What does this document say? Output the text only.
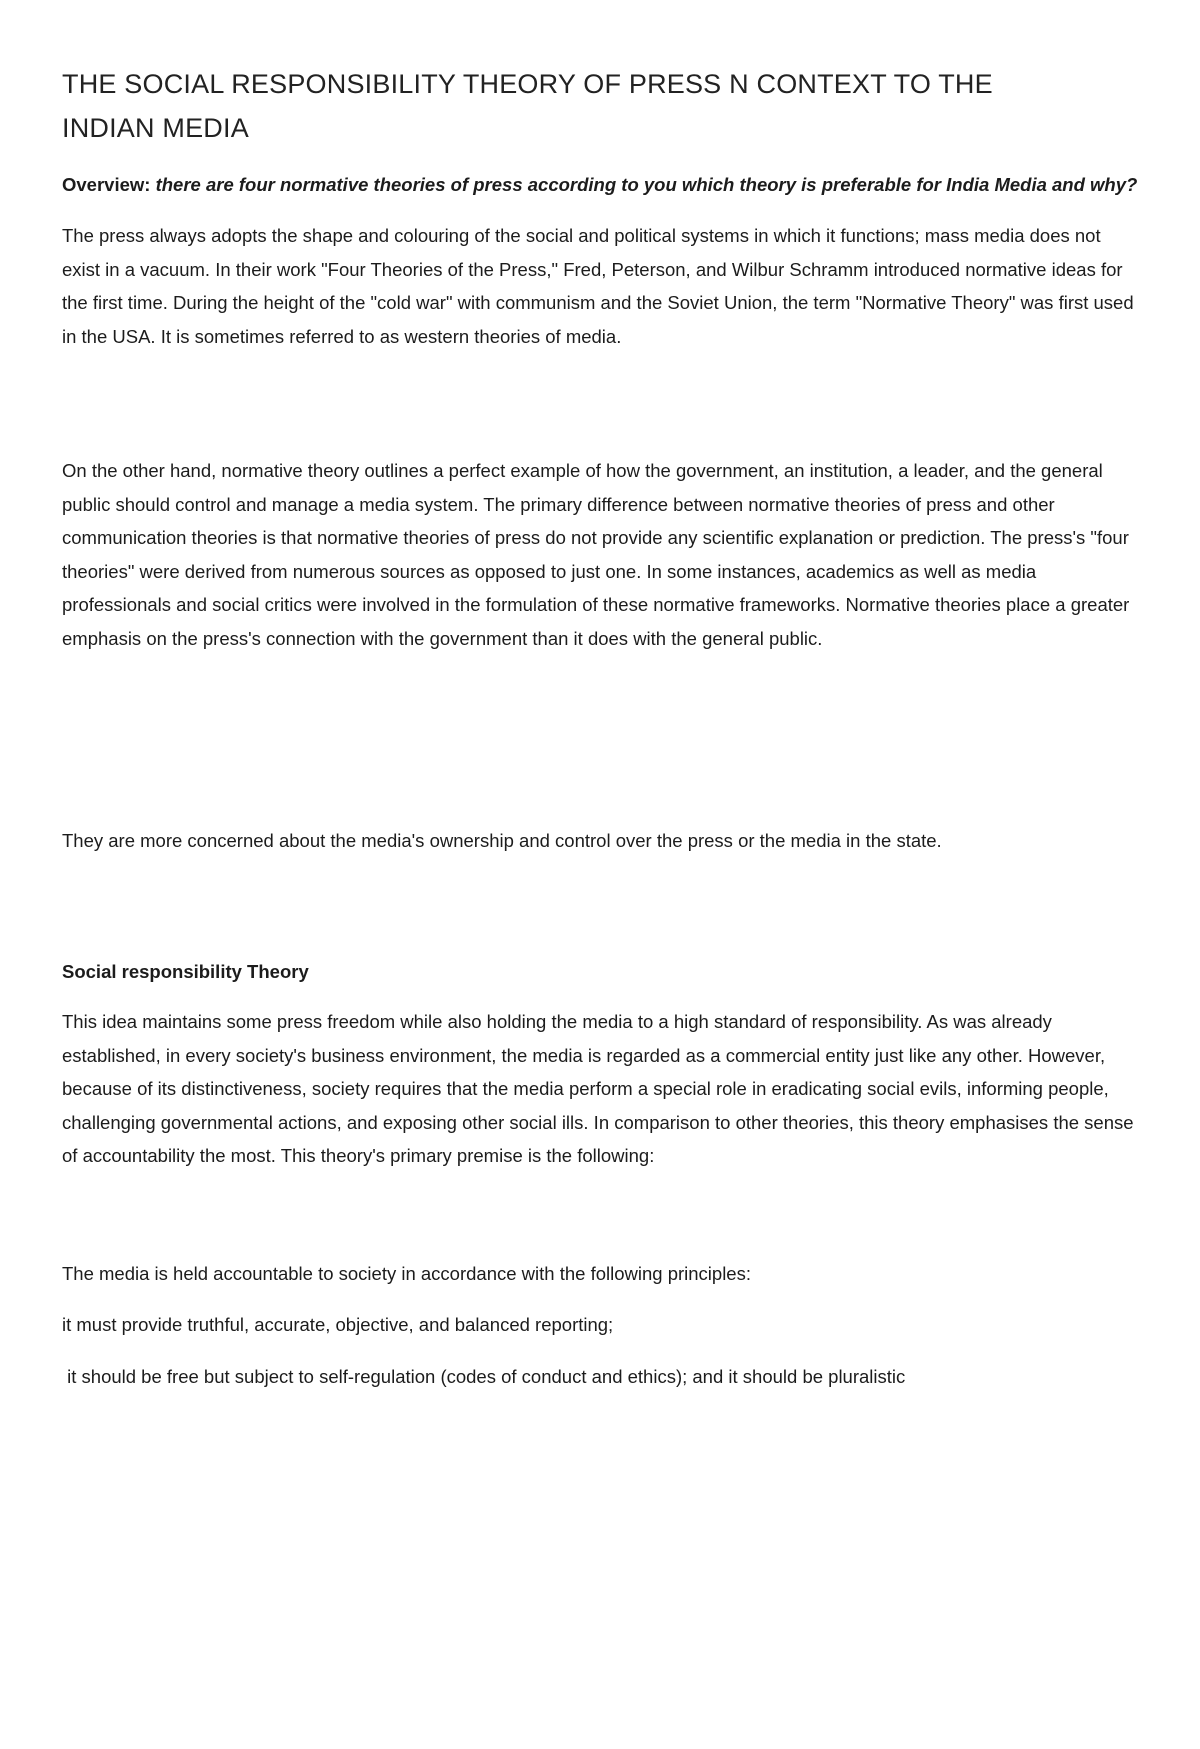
THE SOCIAL RESPONSIBILITY THEORY OF PRESS N CONTEXT TO THE
INDIAN MEDIA

Overview: there are four normative theories of press according to you which theory is preferable for India Media and why?

The press always adopts the shape and colouring of the social and political systems in which it functions; mass media does not exist in a vacuum. In their work "Four Theories of the Press," Fred, Peterson, and Wilbur Schramm introduced normative ideas for the first time. During the height of the "cold war" with communism and the Soviet Union, the term "Normative Theory" was first used in the USA. It is sometimes referred to as western theories of media.

On the other hand, normative theory outlines a perfect example of how the government, an institution, a leader, and the general public should control and manage a media system. The primary difference between normative theories of press and other communication theories is that normative theories of press do not provide any scientific explanation or prediction. The press's "four theories" were derived from numerous sources as opposed to just one. In some instances, academics as well as media professionals and social critics were involved in the formulation of these normative frameworks. Normative theories place a greater emphasis on the press's connection with the government than it does with the general public.

They are more concerned about the media's ownership and control over the press or the media in the state.

Social responsibility Theory

This idea maintains some press freedom while also holding the media to a high standard of responsibility. As was already established, in every society's business environment, the media is regarded as a commercial entity just like any other. However, because of its distinctiveness, society requires that the media perform a special role in eradicating social evils, informing people, challenging governmental actions, and exposing other social ills. In comparison to other theories, this theory emphasises the sense of accountability the most. This theory's primary premise is the following:

The media is held accountable to society in accordance with the following principles:

it must provide truthful, accurate, objective, and balanced reporting;

it should be free but subject to self-regulation (codes of conduct and ethics); and it should be pluralistic
